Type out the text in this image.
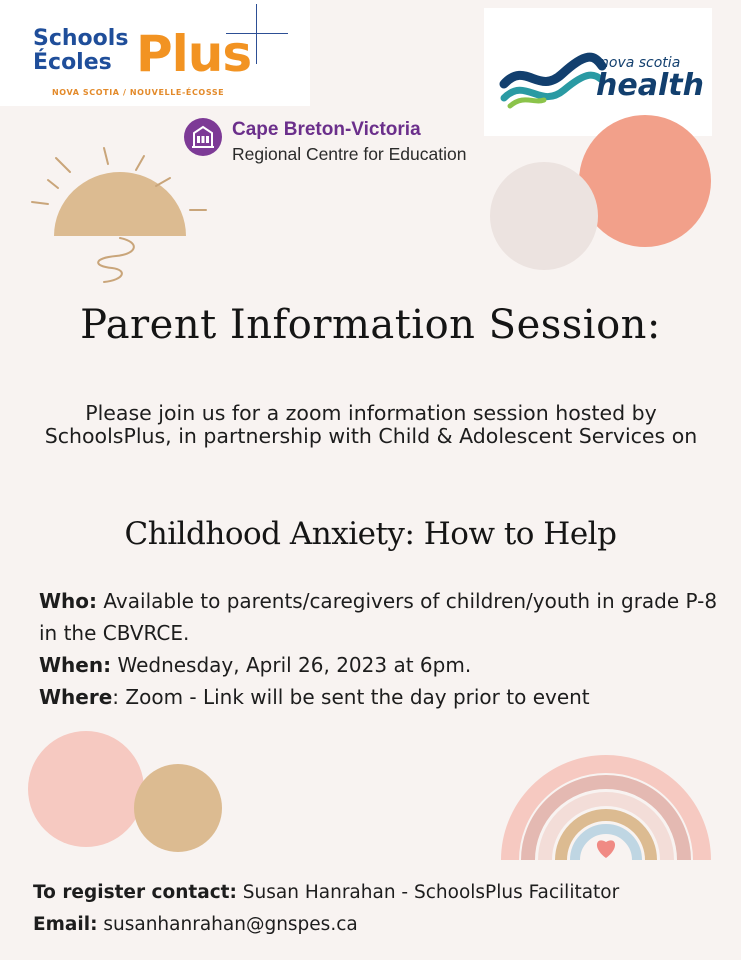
Schools
Écoles Plus
NOVA SCOTIA / NOUVELLE-ÉCOSSE
nova scotia
health
Cape Breton-Victoria
Regional Centre for Education
Parent Information Session:
Please join us for a zoom information session hosted by SchoolsPlus, in partnership with Child & Adolescent Services on
Childhood Anxiety: How to Help
Who: Available to parents/caregivers of children/youth in grade P-8 in the CBVRCE.
When: Wednesday, April 26, 2023 at 6pm.
Where: Zoom - Link will be sent the day prior to event
To register contact: Susan Hanrahan - SchoolsPlus Facilitator
Email: susanhanrahan@gnspes.ca
